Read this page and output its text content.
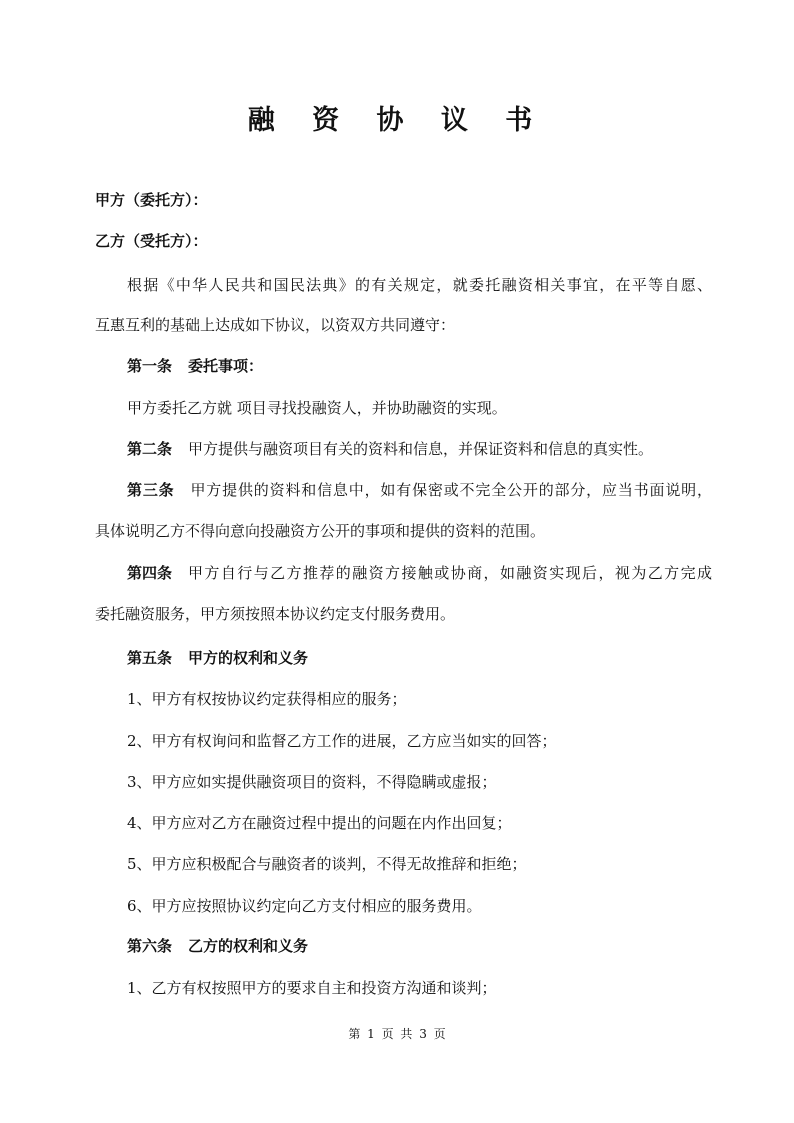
融 资 协 议 书
甲方（委托方）：
乙方（受托方）：
根据《中华人民共和国民法典》的有关规定，就委托融资相关事宜，在平等自愿、
互惠互利的基础上达成如下协议，以资双方共同遵守：
第一条 委托事项：
甲方委托乙方就 项目寻找投融资人，并协助融资的实现。
第二条 甲方提供与融资项目有关的资料和信息，并保证资料和信息的真实性。
第三条 甲方提供的资料和信息中，如有保密或不完全公开的部分，应当书面说明，
具体说明乙方不得向意向投融资方公开的事项和提供的资料的范围。
第四条 甲方自行与乙方推荐的融资方接触或协商，如融资实现后，视为乙方完成
委托融资服务，甲方须按照本协议约定支付服务费用。
第五条 甲方的权利和义务
1、甲方有权按协议约定获得相应的服务；
2、甲方有权询问和监督乙方工作的进展，乙方应当如实的回答；
3、甲方应如实提供融资项目的资料，不得隐瞒或虚报；
4、甲方应对乙方在融资过程中提出的问题在内作出回复；
5、甲方应积极配合与融资者的谈判，不得无故推辞和拒绝；
6、甲方应按照协议约定向乙方支付相应的服务费用。
第六条 乙方的权利和义务
1、乙方有权按照甲方的要求自主和投资方沟通和谈判；
第 1 页 共 3 页
